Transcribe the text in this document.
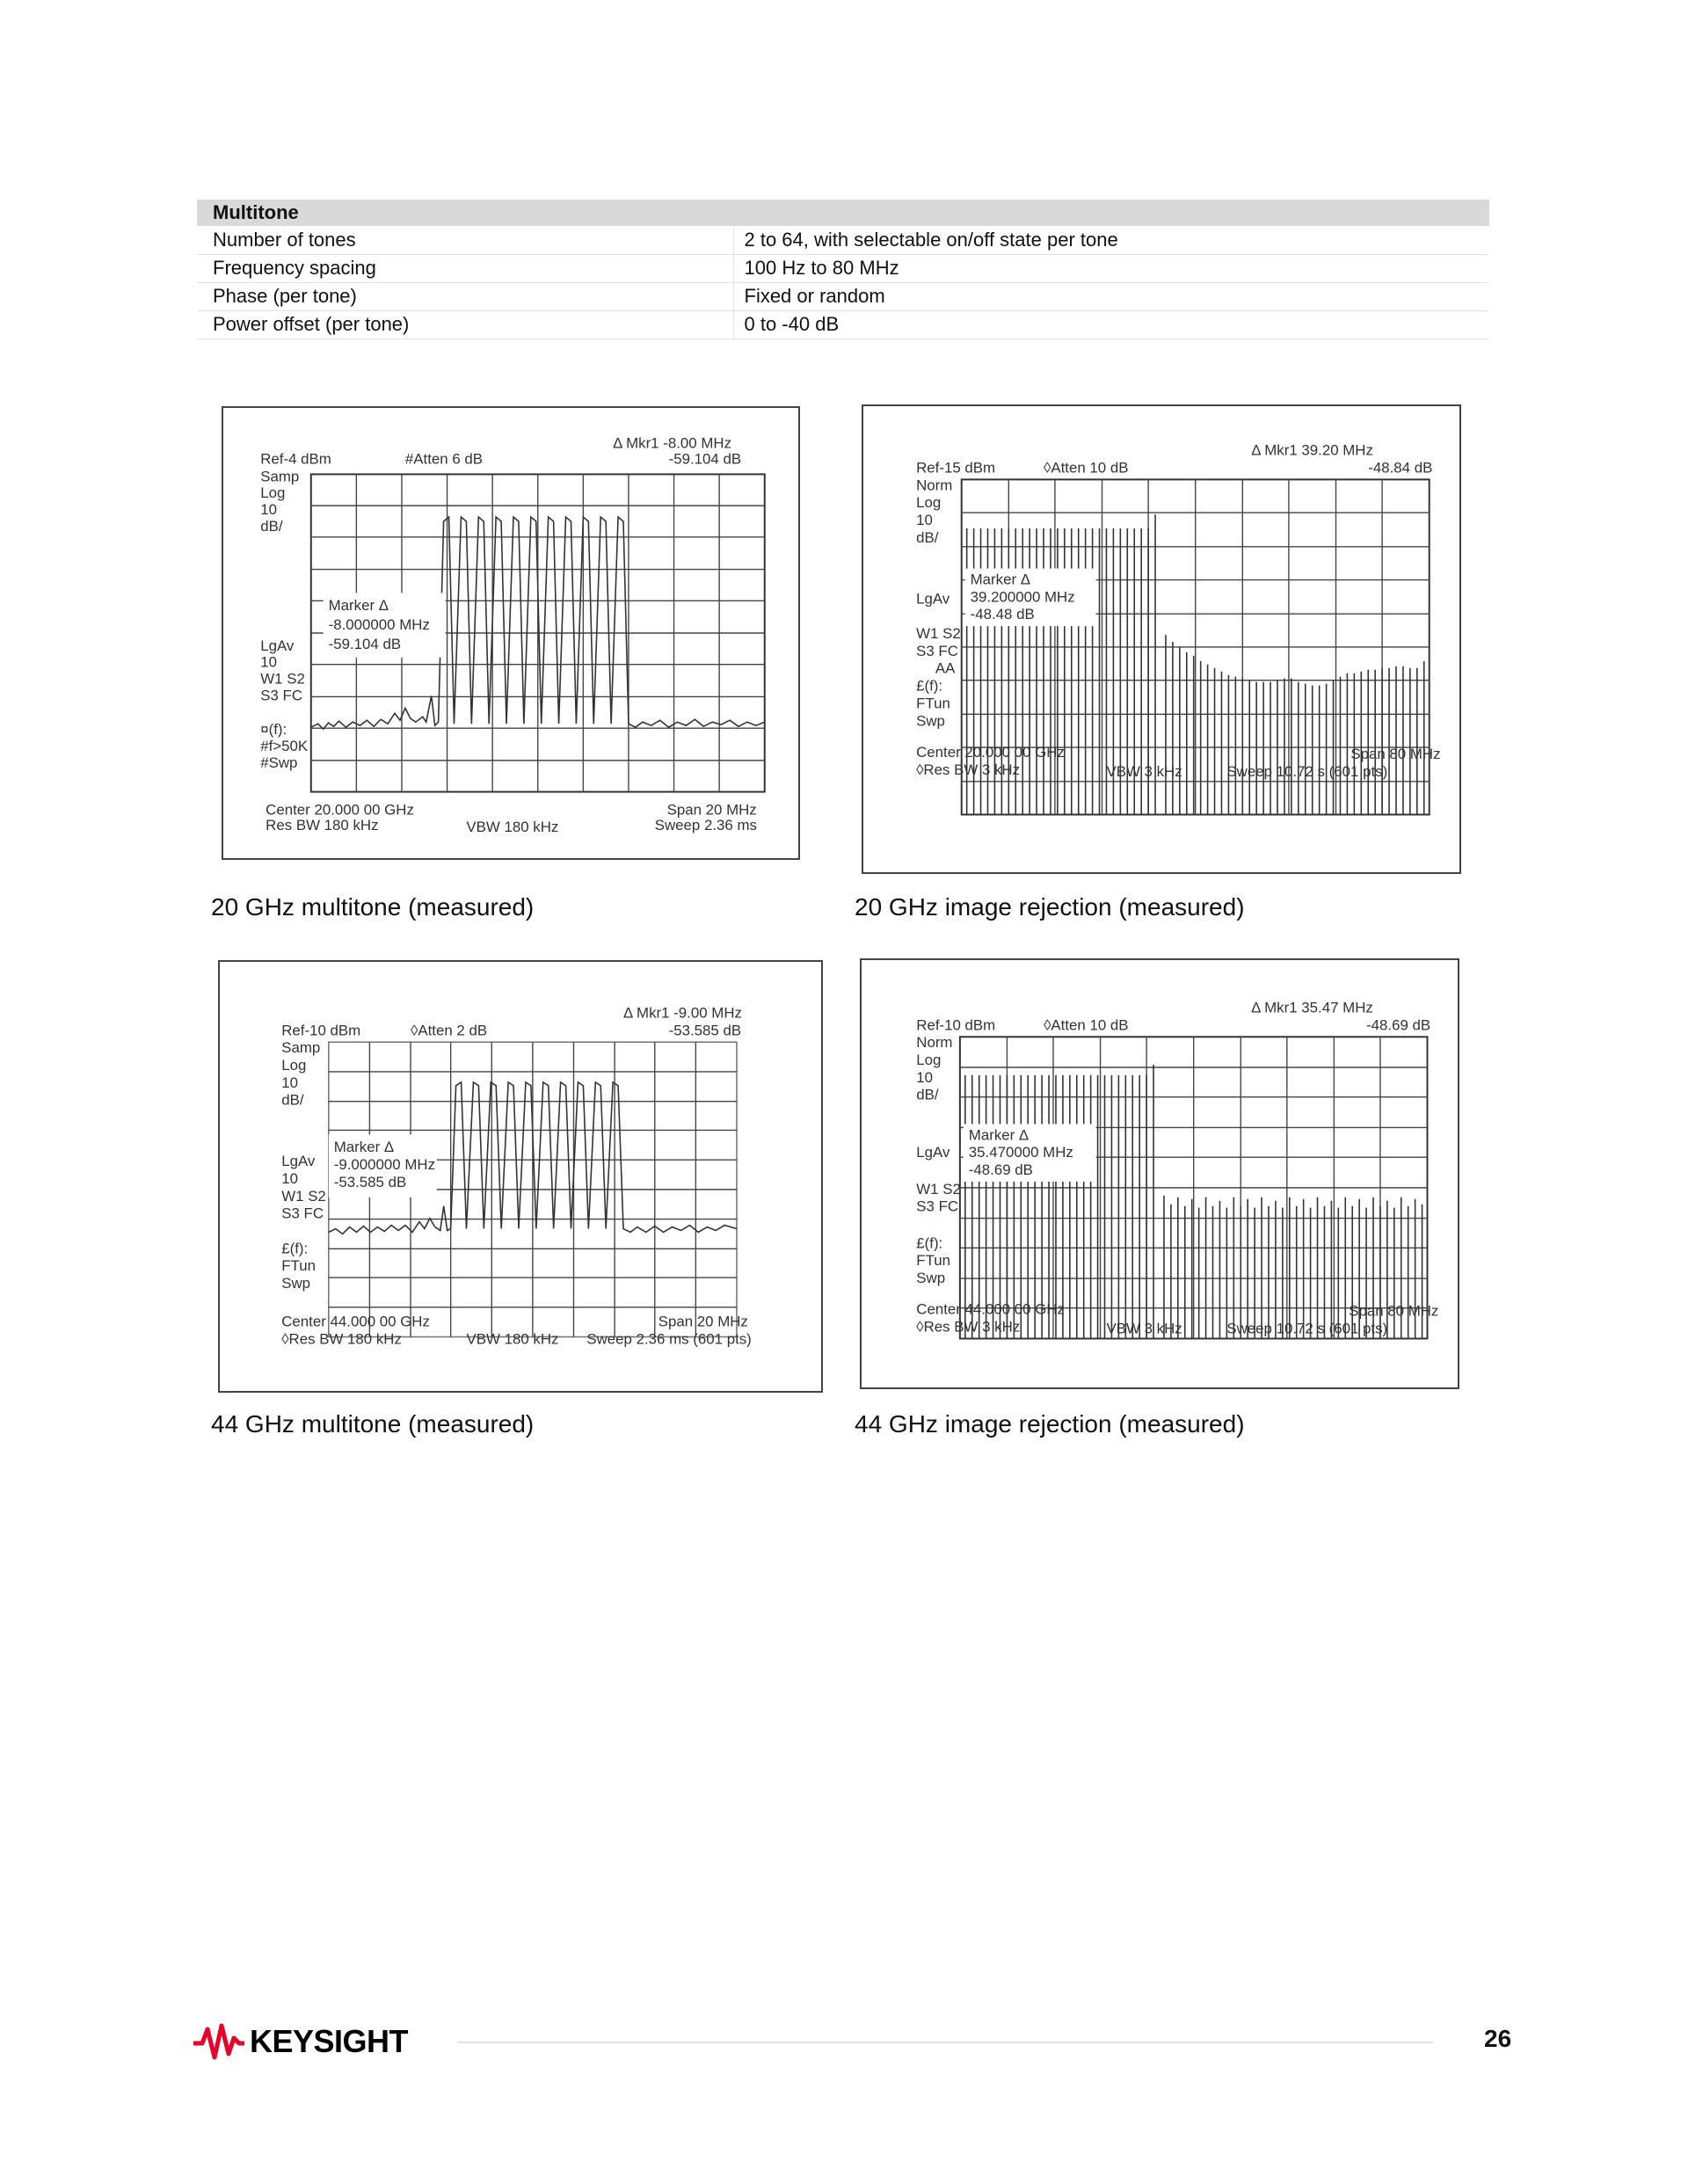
Multitone	
Number of tones	2 to 64, with selectable on/off state per tone
Frequency spacing	100 Hz to 80 MHz
Phase (per tone)	Fixed or random
Power offset (per tone)	0 to -40 dB
Ref-4 dBm	#Atten 6 dB
Δ Mkr1 -8.00 MHz
-59.104 dB
Samp
Log
10
dB/
LgAv
10
W1 S2
S3 FC
¤(f):
#f>50K
#Swp
Marker Δ
-8.000000 MHz
-59.104 dB
Center 20.000 00 GHz
Res BW 180 kHz	VBW 180 kHz
Span 20 MHz
Sweep 2.36 ms
20 GHz multitone (measured)
Ref-15 dBm	◊Atten 10 dB
Δ Mkr1 39.20 MHz
-48.84 dB
Norm
Log
10
dB/
LgAv
W1 S2
S3 FC
AA
£(f):
FTun
Swp
Marker Δ
39.200000 MHz
-48.48 dB
Center 20.000 00 GHz
◊Res BW 3 kHz	VBW 3 kHz
Span 80 MHz
Sweep 10.72 s (601 pts)
20 GHz image rejection (measured)
Ref-10 dBm	◊Atten 2 dB
Δ Mkr1 -9.00 MHz
-53.585 dB
Samp
Log
10
dB/
LgAv
10
W1 S2
S3 FC
£(f):
FTun
Swp
Marker Δ
-9.000000 MHz
-53.585 dB
Center 44.000 00 GHz
◊Res BW 180 kHz	VBW 180 kHz
Span 20 MHz
Sweep 2.36 ms (601 pts)
44 GHz multitone (measured)
Ref-10 dBm	◊Atten 10 dB
Δ Mkr1 35.47 MHz
-48.69 dB
Norm
Log
10
dB/
LgAv
W1 S2
S3 FC
£(f):
FTun
Swp
Marker Δ
35.470000 MHz
-48.69 dB
Center 44.000 00 GHz
◊Res BW 3 kHz	VBW 3 kHz
Span 80 MHz
Sweep 10.72 s (601 pts)
44 GHz image rejection (measured)
KEYSIGHT	26
